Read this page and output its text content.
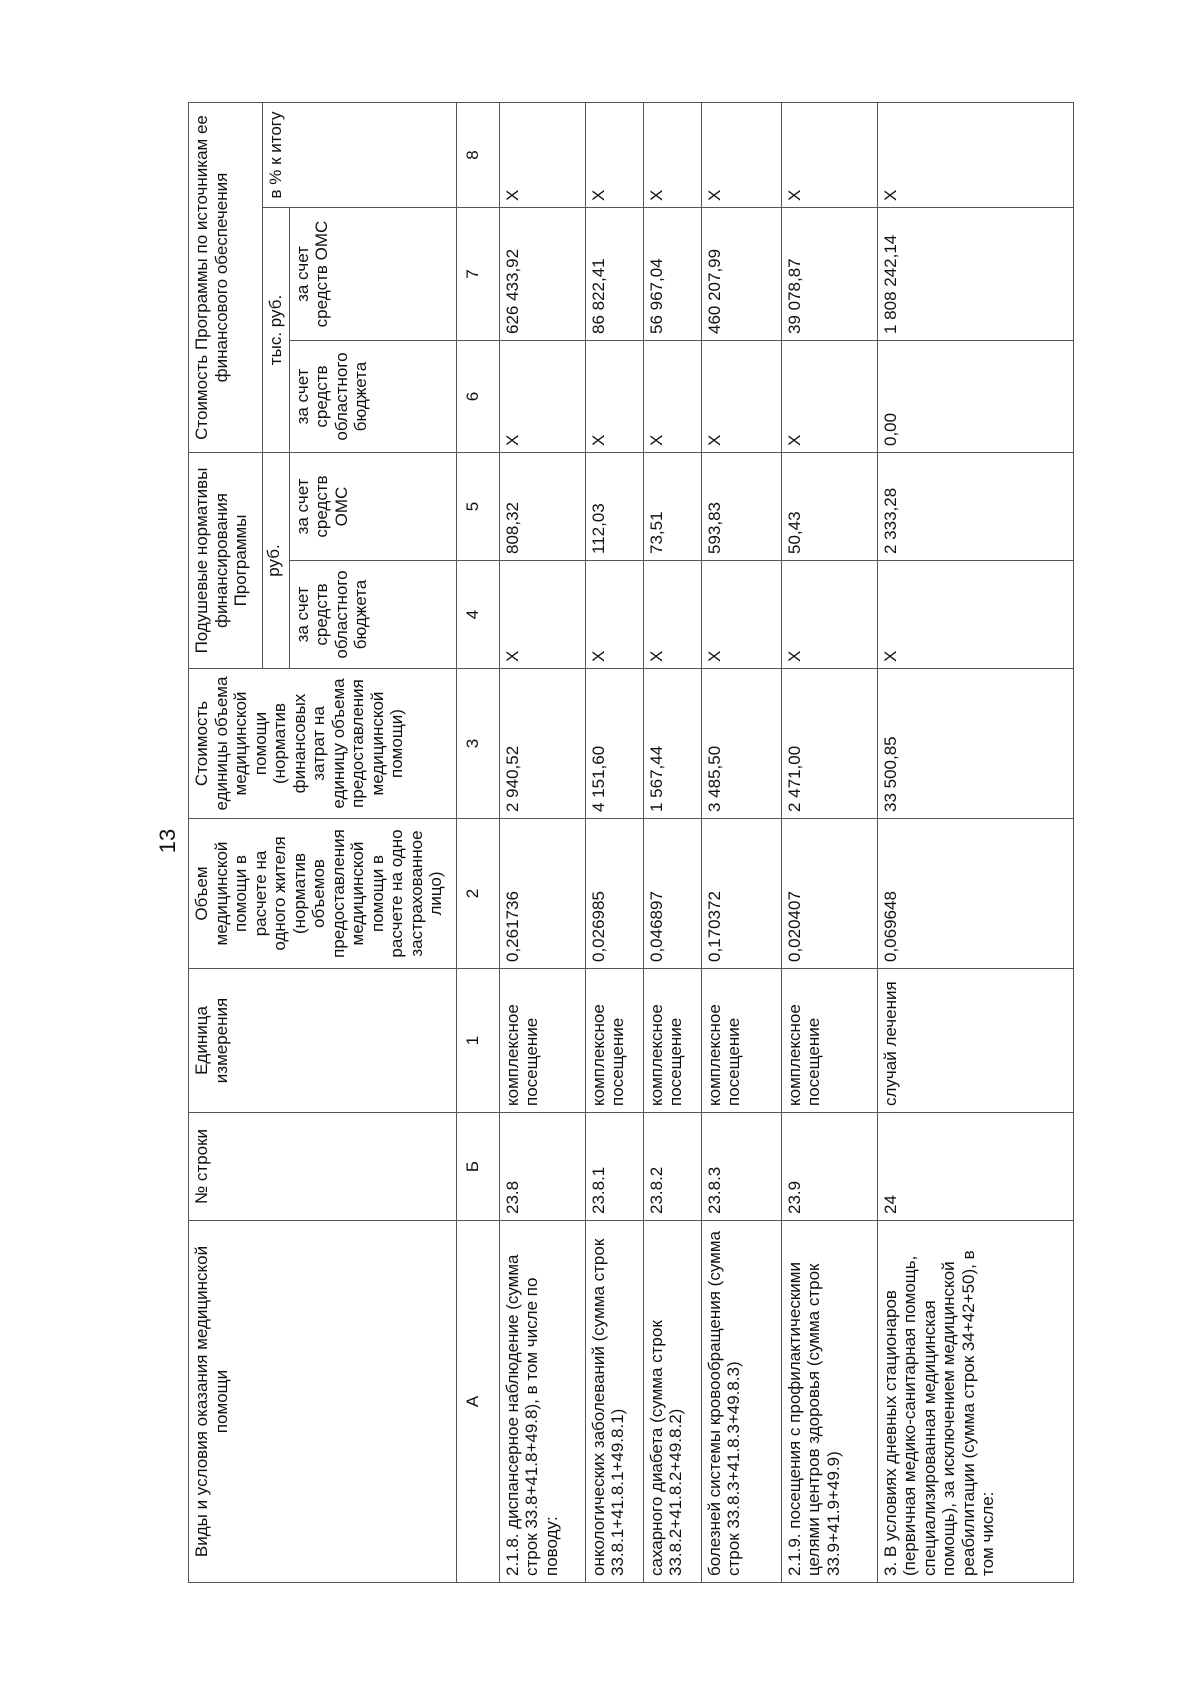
13
Виды и условия оказания медицинской помощи	№ строки	Единица измерения	Объем медицинской помощи в расчете на одного жителя (норматив объемов предоставления медицинской помощи в расчете на одно застрахованное лицо)	Стоимость единицы объема медицинской помощи (норматив финансовых затрат на единицу объема предоставления медицинской помощи)	Подушевые нормативы финансирования Программы		Стоимость Программы по источникам ее финансового обеспечения		
					руб.		тыс. руб.		в % к итогу
					за счет средств областного бюджета	за счет средств ОМС	за счет средств областного бюджета	за счет средств ОМС	
А	Б	1	2	3	4	5	6	7	8
2.1.8. диспансерное наблюдение (сумма строк 33.8+41.8+49.8), в том числе по поводу:	23.8	комплексное посещение	0,261736	2 940,52	X	808,32	X	626 433,92	X
онкологических заболеваний (сумма строк 33.8.1+41.8.1+49.8.1)	23.8.1	комплексное посещение	0,026985	4 151,60	X	112,03	X	86 822,41	X
сахарного диабета (сумма строк 33.8.2+41.8.2+49.8.2)	23.8.2	комплексное посещение	0,046897	1 567,44	X	73,51	X	56 967,04	X
болезней системы кровообращения (сумма строк 33.8.3+41.8.3+49.8.3)	23.8.3	комплексное посещение	0,170372	3 485,50	X	593,83	X	460 207,99	X
2.1.9. посещения с профилактическими целями центров здоровья (сумма строк 33.9+41.9+49.9)	23.9	комплексное посещение	0,020407	2 471,00	X	50,43	X	39 078,87	X
3. В условиях дневных стационаров (первичная медико-санитарная помощь, специализированная медицинская помощь), за исключением медицинской реабилитации (сумма строк 34+42+50), в том числе:	24	случай лечения	0,069648	33 500,85	X	2 333,28	0,00	1 808 242,14	X
